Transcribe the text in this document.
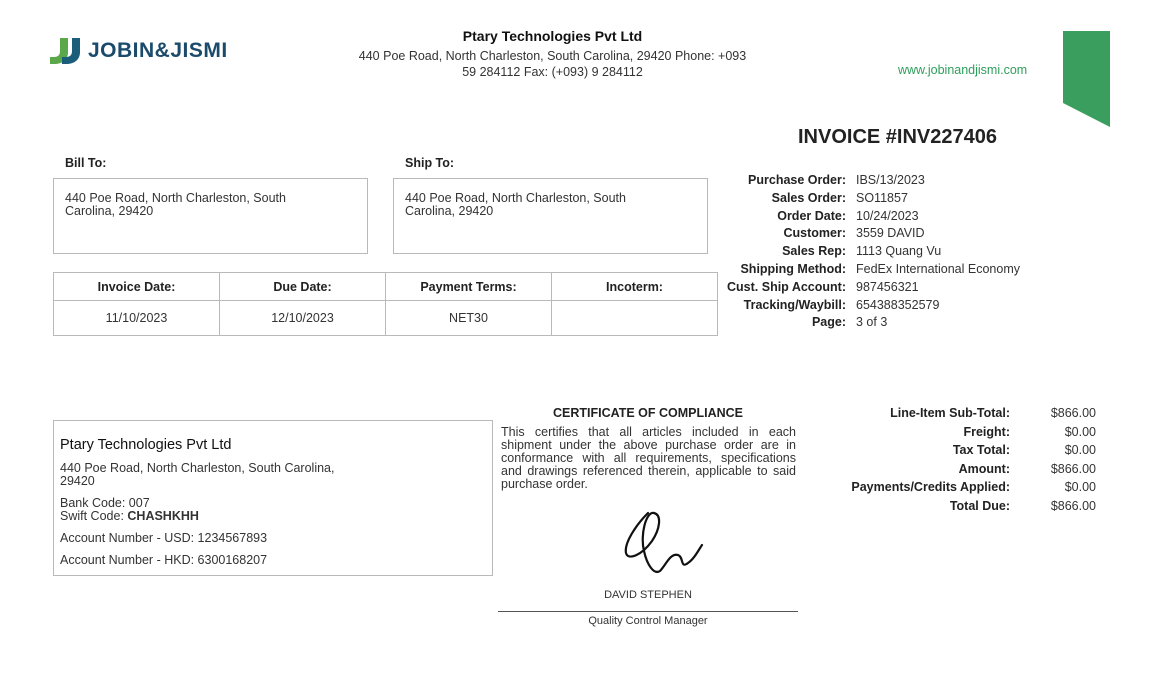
JOBIN&JISMI
Ptary Technologies Pvt Ltd
440 Poe Road, North Charleston, South Carolina, 29420 Phone: +093
59 284112 Fax: (+093) 9 284112	www.jobinandjismi.com
INVOICE #INV227406
Bill To:
440 Poe Road, North Charleston, South
Carolina, 29420
Ship To:
440 Poe Road, North Charleston, South
Carolina, 29420
Invoice Date:	Due Date:	Payment Terms:	Incoterm:
11/10/2023	12/10/2023	NET30	
Purchase Order: IBS/13/2023
Sales Order: SO11857
Order Date: 10/24/2023
Customer: 3559 DAVID
Sales Rep: 1113 Quang Vu
Shipping Method: FedEx International Economy
Cust. Ship Account: 987456321
Tracking/Waybill: 654388352579
Page: 3 of 3
Ptary Technologies Pvt Ltd
440 Poe Road, North Charleston, South Carolina,
29420
Bank Code: 007
Swift Code: CHASHKHH
Account Number - USD: 1234567893
Account Number - HKD: 6300168207
CERTIFICATE OF COMPLIANCE
This certifies that all articles included in each shipment under the above purchase order are in conformance with all requirements, specifications and drawings referenced therein, applicable to said purchase order.
DAVID STEPHEN
Quality Control Manager
Line-Item Sub-Total:	$866.00
Freight:	$0.00
Tax Total:	$0.00
Amount:	$866.00
Payments/Credits Applied:	$0.00
Total Due:	$866.00
